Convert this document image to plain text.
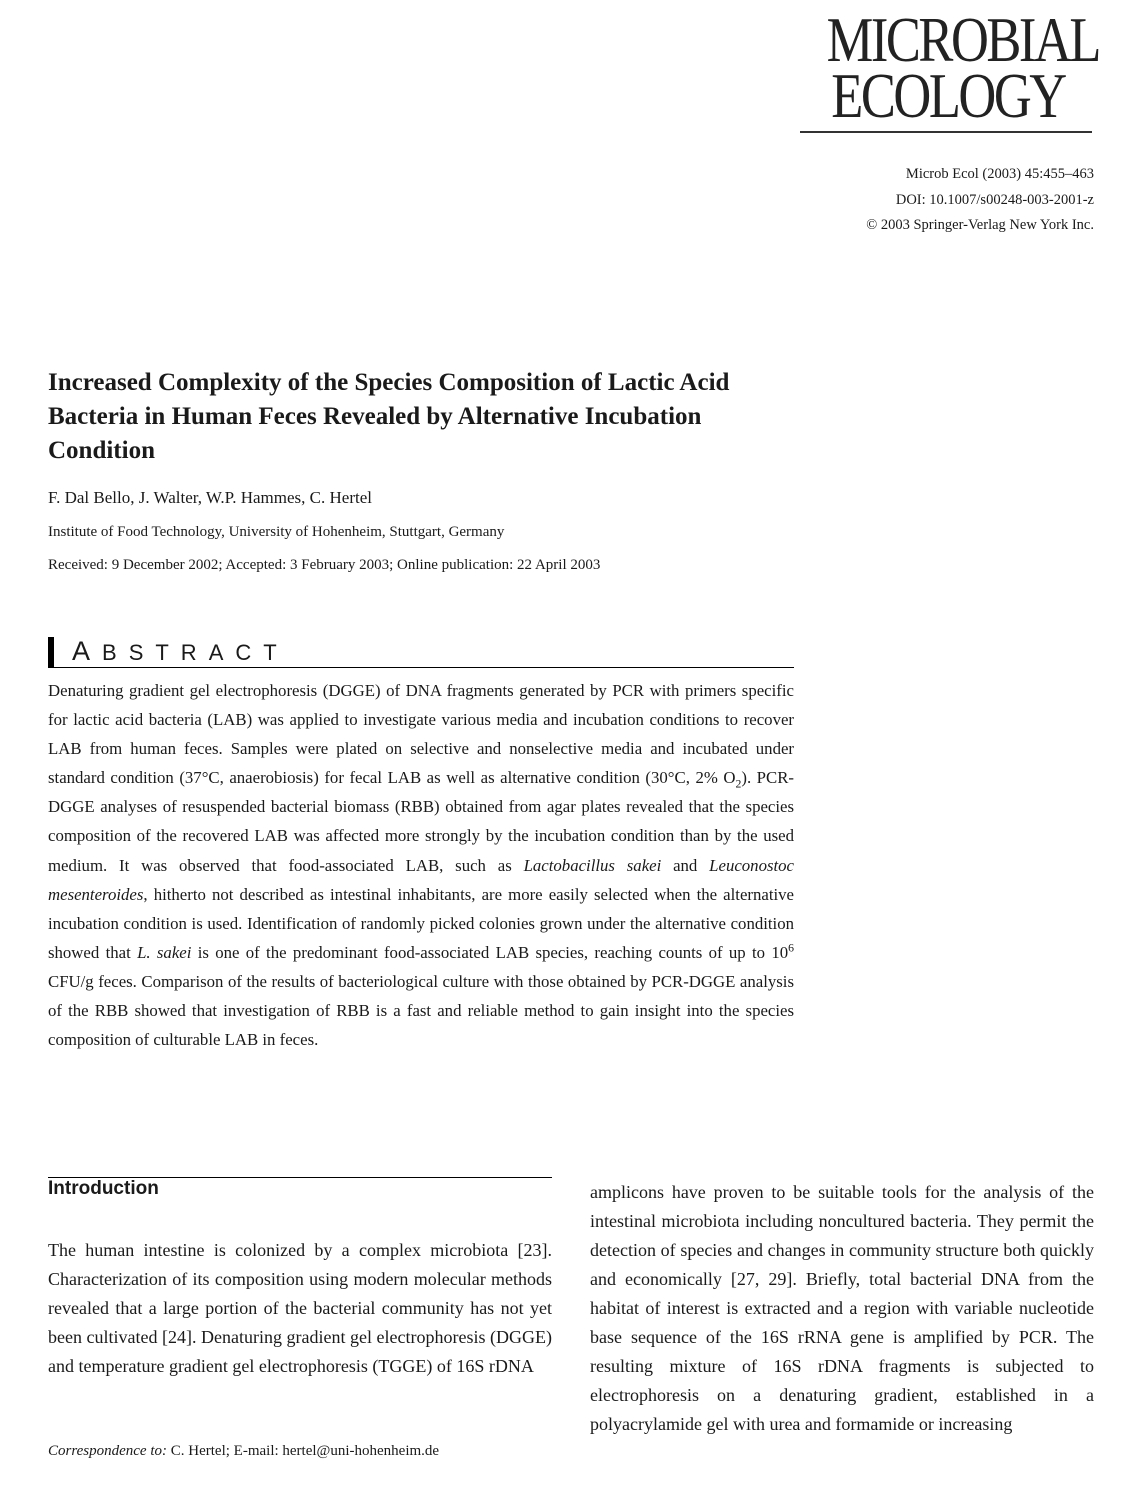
MICROBIAL
ECOLOGY
Microb Ecol (2003) 45:455–463
DOI: 10.1007/s00248-003-2001-z
© 2003 Springer-Verlag New York Inc.
Increased Complexity of the Species Composition of Lactic Acid Bacteria in Human Feces Revealed by Alternative Incubation Condition
F. Dal Bello, J. Walter, W.P. Hammes, C. Hertel
Institute of Food Technology, University of Hohenheim, Stuttgart, Germany
Received: 9 December 2002; Accepted: 3 February 2003; Online publication: 22 April 2003
ABSTRACT

Denaturing gradient gel electrophoresis (DGGE) of DNA fragments generated by PCR with primers specific for lactic acid bacteria (LAB) was applied to investigate various media and incubation conditions to recover LAB from human feces. Samples were plated on selective and nonselective media and incubated under standard condition (37°C, anaerobiosis) for fecal LAB as well as alternative condition (30°C, 2% $O_2$). PCR-DGGE analyses of resuspended bacterial biomass (RBB) obtained from agar plates revealed that the species composition of the recovered LAB was affected more strongly by the incubation condition than by the used medium. It was observed that food-associated LAB, such as Lactobacillus sakei and Leuconostoc mesenteroides, hitherto not described as intestinal inhabitants, are more easily selected when the alternative incubation condition is used. Identification of randomly picked colonies grown under the alternative condition showed that L. sakei is one of the predominant food-associated LAB species, reaching counts of up to $10^6$ CFU/g feces. Comparison of the results of bacteriological culture with those obtained by PCR-DGGE analysis of the RBB showed that investigation of RBB is a fast and reliable method to gain insight into the species composition of culturable LAB in feces.

Introduction

The human intestine is colonized by a complex microbiota [23]. Characterization of its composition using modern molecular methods revealed that a large portion of the bacterial community has not yet been cultivated [24]. Denaturing gradient gel electrophoresis (DGGE) and temperature gradient gel electrophoresis (TGGE) of 16S rDNA

amplicons have proven to be suitable tools for the analysis of the intestinal microbiota including noncultured bacteria. They permit the detection of species and changes in community structure both quickly and economically [27, 29]. Briefly, total bacterial DNA from the habitat of interest is extracted and a region with variable nucleotide base sequence of the 16S rRNA gene is amplified by PCR. The resulting mixture of 16S rDNA fragments is subjected to electrophoresis on a denaturing gradient, established in a polyacrylamide gel with urea and formamide or increasing

Correspondence to: C. Hertel; E-mail: hertel@uni-hohenheim.de
